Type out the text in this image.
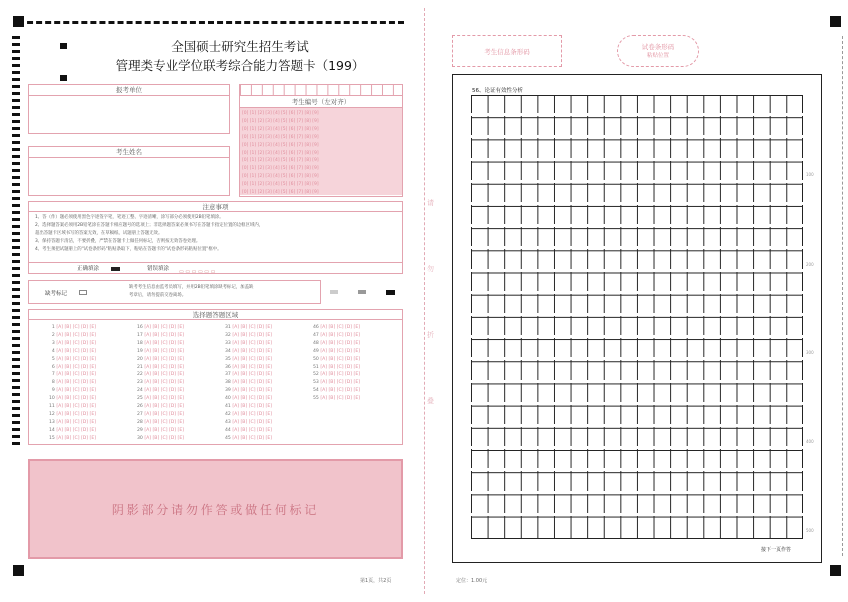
全国硕士研究生招生考试
管理类专业学位联考综合能力答题卡（199）
报考单位
考生姓名
考生编号（左对齐）
[0] [1] [2] [3] [4] [5] [6] [7] [8] [9]
[0] [1] [2] [3] [4] [5] [6] [7] [8] [9]
[0] [1] [2] [3] [4] [5] [6] [7] [8] [9]
[0] [1] [2] [3] [4] [5] [6] [7] [8] [9]
[0] [1] [2] [3] [4] [5] [6] [7] [8] [9]
[0] [1] [2] [3] [4] [5] [6] [7] [8] [9]
[0] [1] [2] [3] [4] [5] [6] [7] [8] [9]
[0] [1] [2] [3] [4] [5] [6] [7] [8] [9]
[0] [1] [2] [3] [4] [5] [6] [7] [8] [9]
[0] [1] [2] [3] [4] [5] [6] [7] [8] [9]
[0] [1] [2] [3] [4] [5] [6] [7] [8] [9]
注意事项
1、答（作）题必须使用黑色字迹签字笔，笔迹工整、字迹清晰，涂写部分必须使用2B铅笔填涂。
2、选择题答案必须用2B铅笔涂在答题卡相应题号的选项上；非选择题答案必须书写在答题卡指定位置的边框区域内，
超出答题卡区域书写的答案无效，在草稿纸、试题册上答题无效。
3、保持答题卡清洁，不要折叠，严禁在答题卡上做任何标记，否则按无效答卷处理。
4、考生须把试题册上的"试卷条形码"粘贴条取下，粘贴在答题卡的"试卷条形码粘贴位置"框中。
正确填涂	错误填涂 ▭ ▭ ▭ ▭ ▭ ▭
缺考标记
缺考考生信息由监考员填写，并用2B铅笔填涂缺考标记，加盖缺
考章后，请勿提前交卷离场。
选择题答题区域
 1 [A] [B] [C] [D] [E]
 2 [A] [B] [C] [D] [E]
 3 [A] [B] [C] [D] [E]
 4 [A] [B] [C] [D] [E]
 5 [A] [B] [C] [D] [E]
 6 [A] [B] [C] [D] [E]
 7 [A] [B] [C] [D] [E]
 8 [A] [B] [C] [D] [E]
 9 [A] [B] [C] [D] [E]
10 [A] [B] [C] [D] [E]
11 [A] [B] [C] [D] [E]
12 [A] [B] [C] [D] [E]
13 [A] [B] [C] [D] [E]
14 [A] [B] [C] [D] [E]
15 [A] [B] [C] [D] [E]
16 [A] [B] [C] [D] [E]
17 [A] [B] [C] [D] [E]
18 [A] [B] [C] [D] [E]
19 [A] [B] [C] [D] [E]
20 [A] [B] [C] [D] [E]
21 [A] [B] [C] [D] [E]
22 [A] [B] [C] [D] [E]
23 [A] [B] [C] [D] [E]
24 [A] [B] [C] [D] [E]
25 [A] [B] [C] [D] [E]
26 [A] [B] [C] [D] [E]
27 [A] [B] [C] [D] [E]
28 [A] [B] [C] [D] [E]
29 [A] [B] [C] [D] [E]
30 [A] [B] [C] [D] [E]
31 [A] [B] [C] [D] [E]
32 [A] [B] [C] [D] [E]
33 [A] [B] [C] [D] [E]
34 [A] [B] [C] [D] [E]
35 [A] [B] [C] [D] [E]
36 [A] [B] [C] [D] [E]
37 [A] [B] [C] [D] [E]
38 [A] [B] [C] [D] [E]
39 [A] [B] [C] [D] [E]
40 [A] [B] [C] [D] [E]
41 [A] [B] [C] [D] [E]
42 [A] [B] [C] [D] [E]
43 [A] [B] [C] [D] [E]
44 [A] [B] [C] [D] [E]
45 [A] [B] [C] [D] [E]
46 [A] [B] [C] [D] [E]
47 [A] [B] [C] [D] [E]
48 [A] [B] [C] [D] [E]
49 [A] [B] [C] [D] [E]
50 [A] [B] [C] [D] [E]
51 [A] [B] [C] [D] [E]
52 [A] [B] [C] [D] [E]
53 [A] [B] [C] [D] [E]
54 [A] [B] [C] [D] [E]
55 [A] [B] [C] [D] [E]
阴影部分请勿作答或做任何标记
第1页，共2页	定位：1.00元
请
勿
折
叠
考生信息条形码
试卷条形码
粘贴位置
56、论证有效性分析
100
200
300
400
500
接下一页作答
